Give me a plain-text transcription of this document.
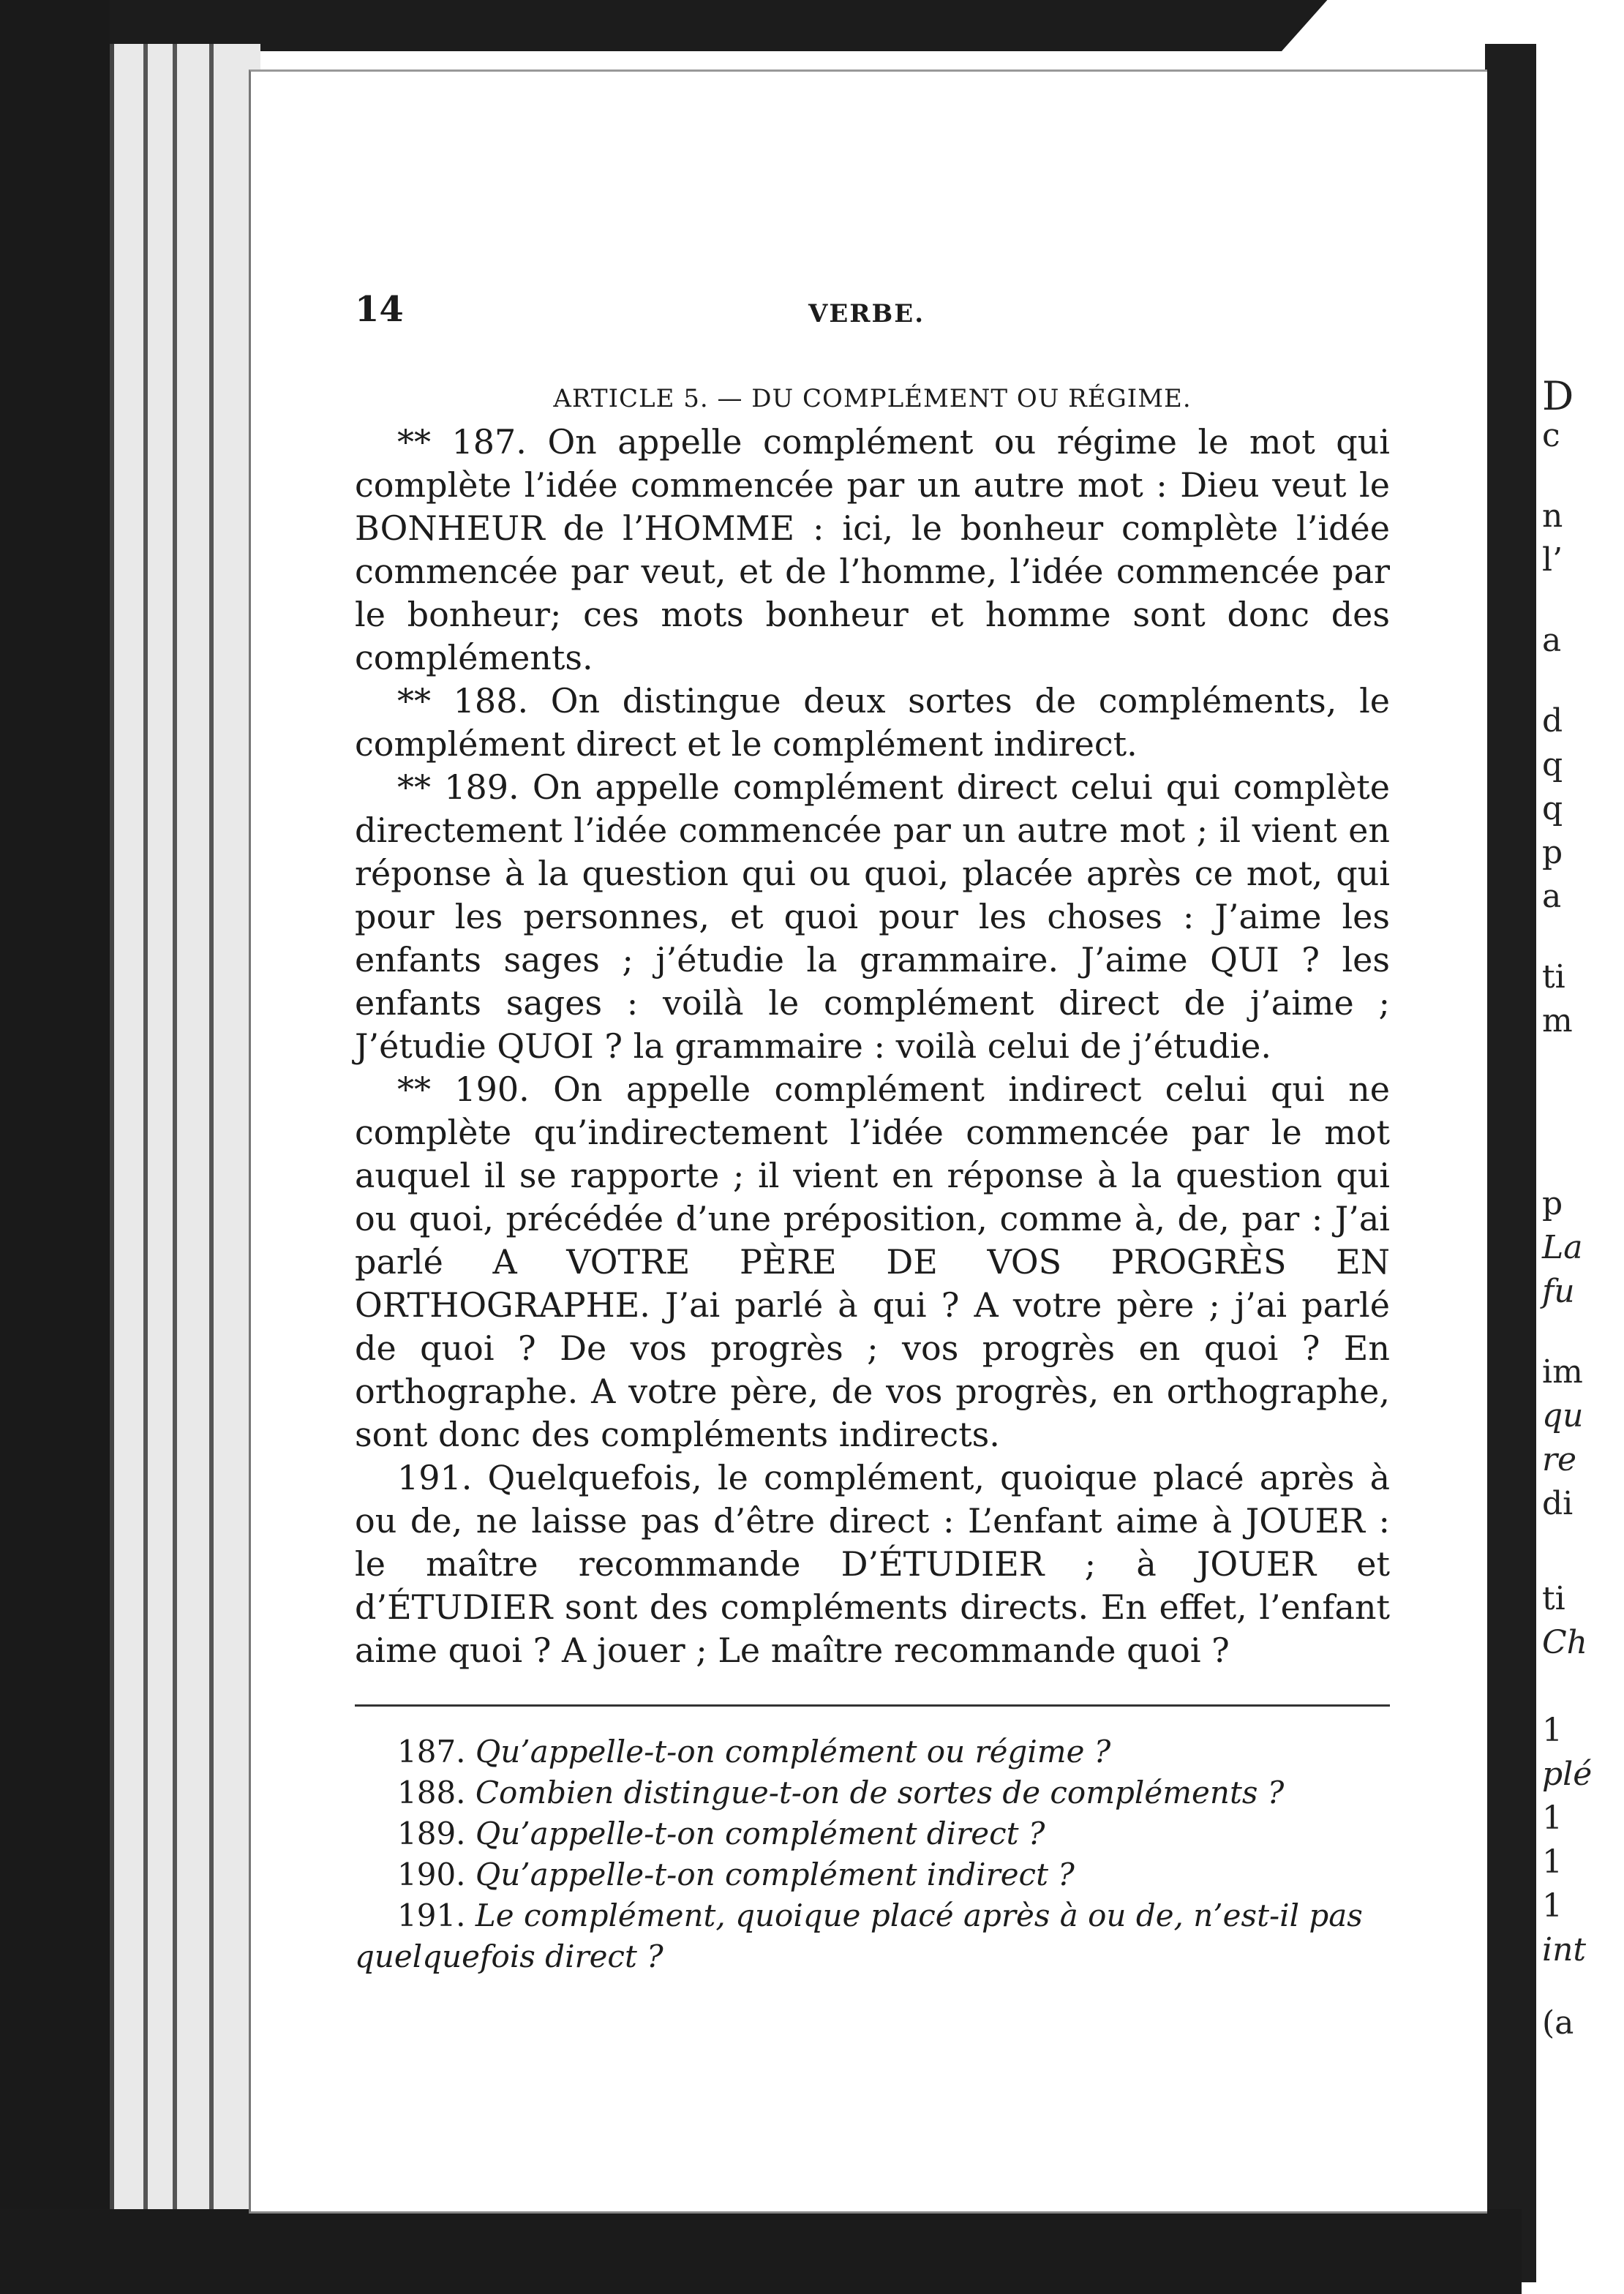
D
c
n
l’
a
d
q
q
p
a
ti
m
p
La
fu
im
qu
re
di
ti
Ch
1
plé
1
1
1
int
(a
14	VERBE.
ARTICLE 5. — DU COMPLÉMENT OU RÉGIME.

** 187. On appelle complément ou régime le mot qui complète l’idée commencée par un autre mot : Dieu veut le BONHEUR de l’HOMME : ici, le bonheur complète l’idée commencée par veut, et de l’homme, l’idée commencée par le bonheur; ces mots bonheur et homme sont donc des compléments.

** 188. On distingue deux sortes de compléments, le complément direct et le complément indirect.

** 189. On appelle complément direct celui qui complète directement l’idée commencée par un autre mot ; il vient en réponse à la question qui ou quoi, placée après ce mot, qui pour les personnes, et quoi pour les choses : J’aime les enfants sages ; j’étudie la grammaire. J’aime QUI ? les enfants sages : voilà le complément direct de j’aime ; J’étudie QUOI ? la grammaire : voilà celui de j’étudie.

** 190. On appelle complément indirect celui qui ne complète qu’indirectement l’idée commencée par le mot auquel il se rapporte ; il vient en réponse à la question qui ou quoi, précédée d’une préposition, comme à, de, par : J’ai parlé A VOTRE PÈRE DE VOS PROGRÈS EN ORTHOGRAPHE. J’ai parlé à qui ? A votre père ; j’ai parlé de quoi ? De vos progrès ; vos progrès en quoi ? En orthographe. A votre père, de vos progrès, en orthographe, sont donc des compléments indirects.

191. Quelquefois, le complément, quoique placé après à ou de, ne laisse pas d’être direct : L’enfant aime à JOUER : le maître recommande D’ÉTUDIER ; à JOUER et d’ÉTUDIER sont des compléments directs. En effet, l’enfant aime quoi ? A jouer ; Le maître recommande quoi ?

187. Qu’appelle-t-on complément ou régime ?

188. Combien distingue-t-on de sortes de compléments ?

189. Qu’appelle-t-on complément direct ?

190. Qu’appelle-t-on complément indirect ?

191. Le complément, quoique placé après à ou de, n’est-il pas quelquefois direct ?
